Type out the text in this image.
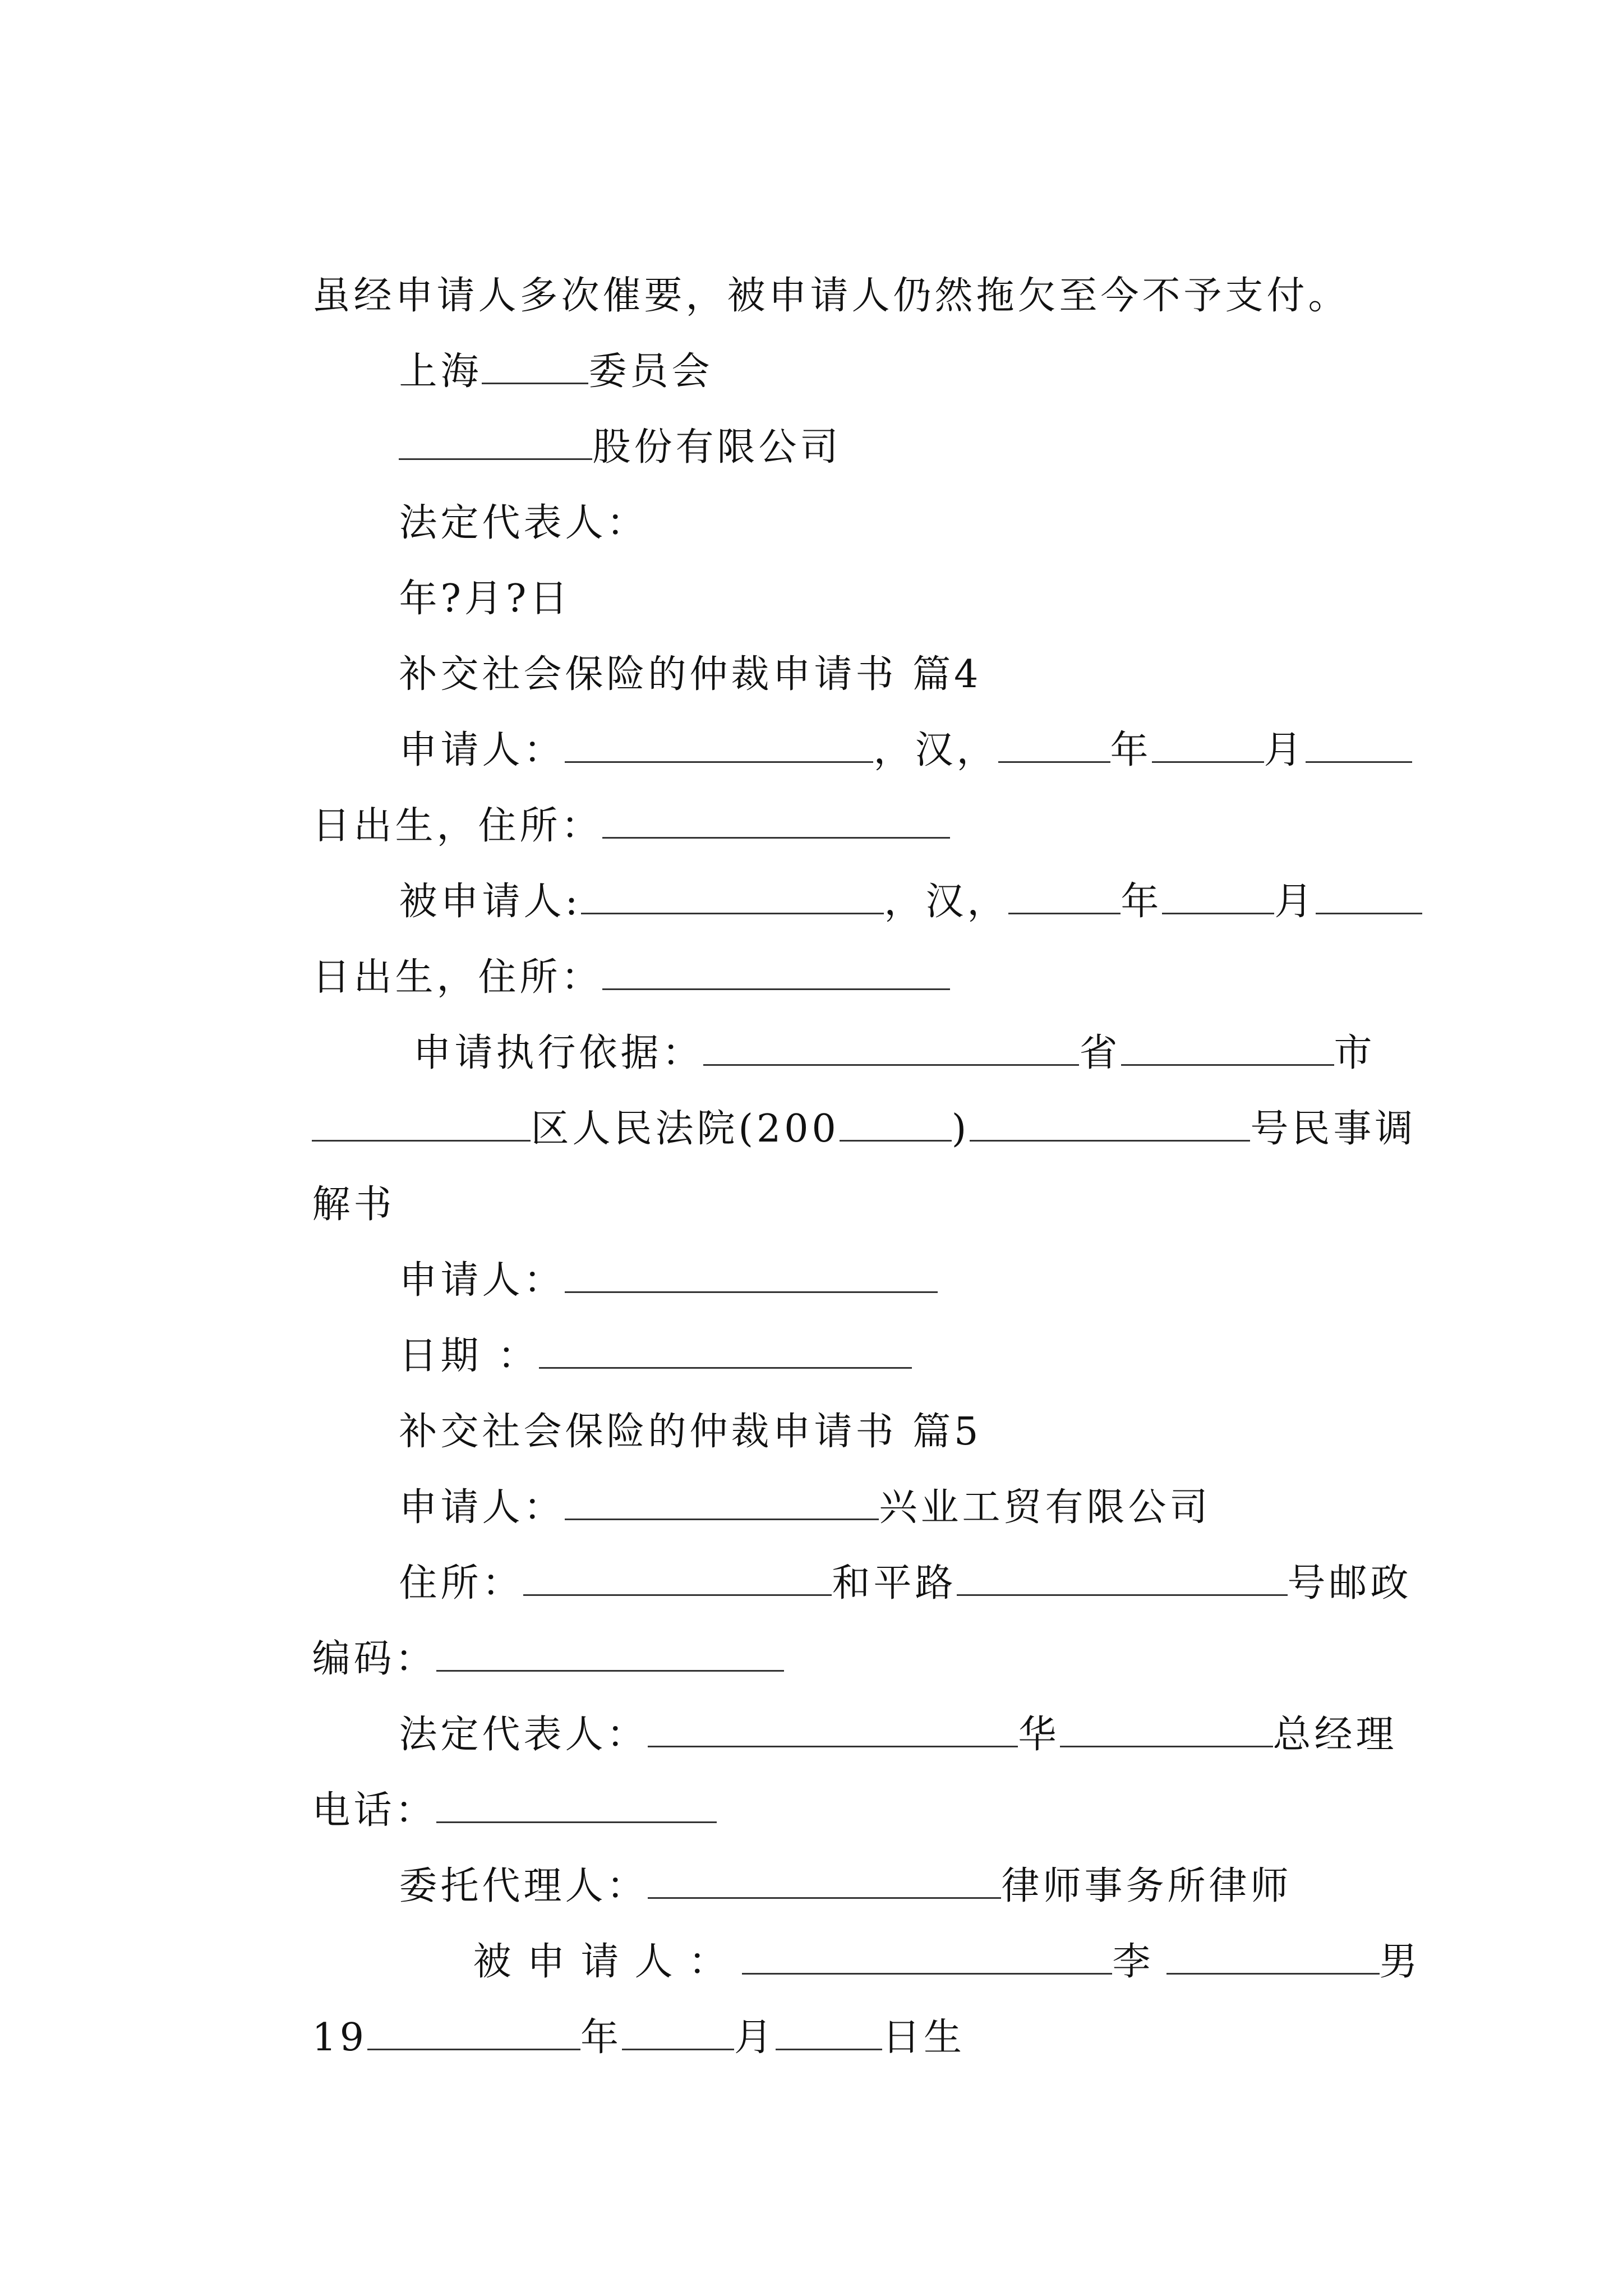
虽经申请人多次催要，被申请人仍然拖欠至今不予支付。

上海	委员会

股份有限公司

法定代表人：

年?月?日

补交社会保险的仲裁申请书 篇4

申请人：	，汉，	年	月

日出生，住所：

被申请人:	，汉，	年	月

日出生，住所：

申请执行依据：	省	市

区人民法院(200	)	号民事调

解书

申请人：

日期 ：

补交社会保险的仲裁申请书 篇5

申请人：	兴业工贸有限公司

住所：	和平路	号邮政

编码：

法定代表人：	华	总经理

电话：

委托代理人：	律师事务所律师

被申请人：	李	男

19	年	月	日生
